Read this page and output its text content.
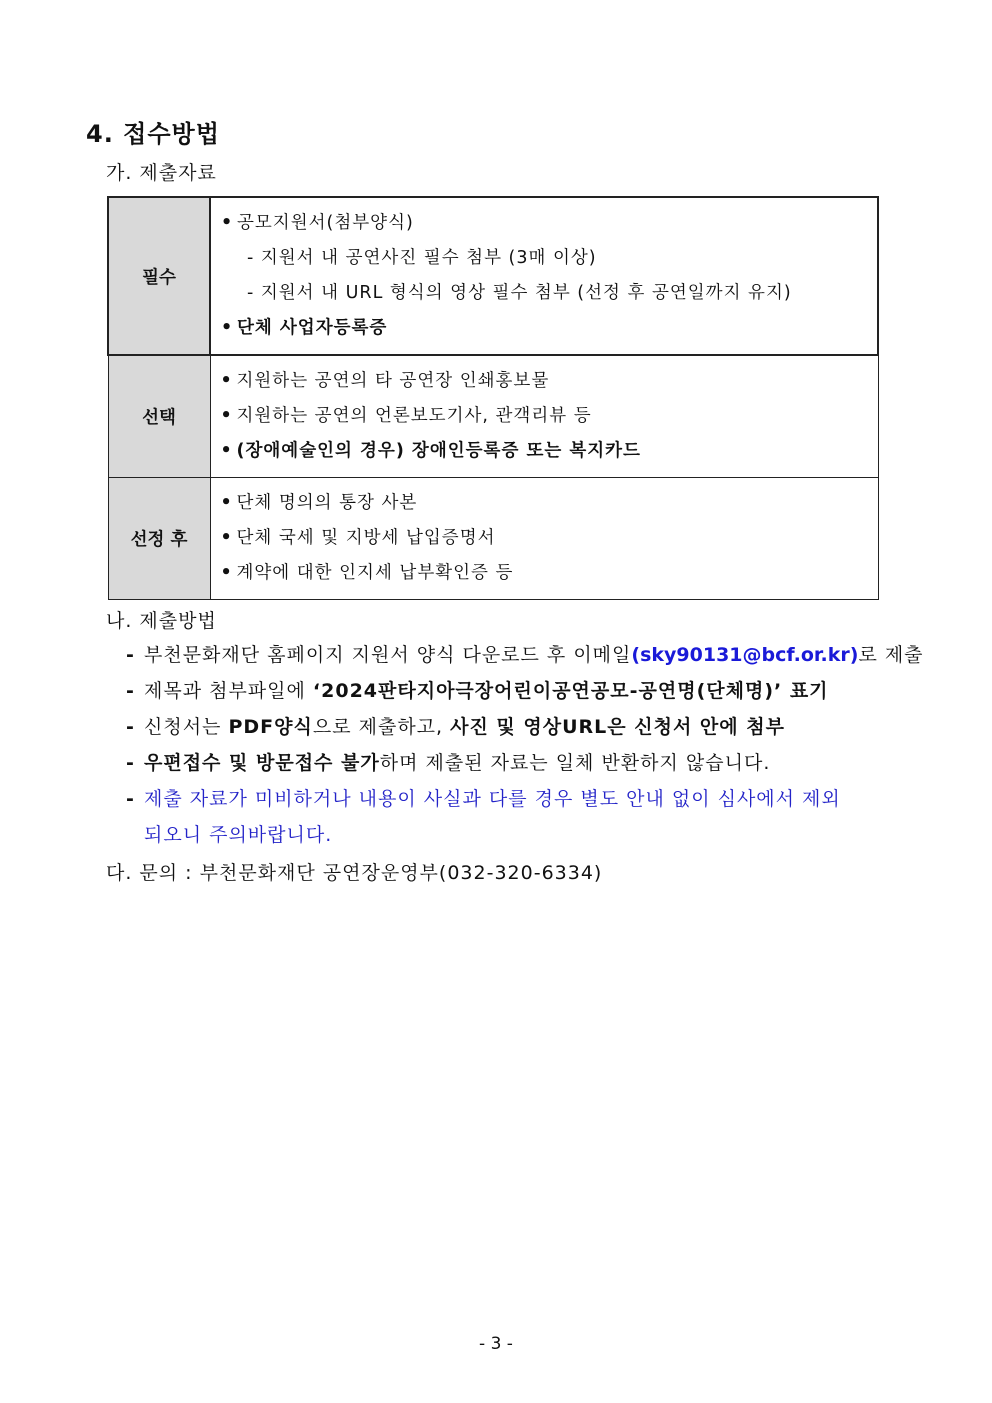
4. 접수방법
가. 제출자료
필수	• 공모지원서(첨부양식)
- 지원서 내 공연사진 필수 첨부 (3매 이상)
- 지원서 내 URL 형식의 영상 필수 첨부 (선정 후 공연일까지 유지)
• 단체 사업자등록증

선택	• 지원하는 공연의 타 공연장 인쇄홍보물
• 지원하는 공연의 언론보도기사, 관객리뷰 등
• (장애예술인의 경우) 장애인등록증 또는 복지카드

선정 후	• 단체 명의의 통장 사본
• 단체 국세 및 지방세 납입증명서
• 계약에 대한 인지세 납부확인증 등
나. 제출방법
- 부천문화재단 홈페이지 지원서 양식 다운로드 후 이메일(sky90131@bcf.or.kr)로 제출
- 제목과 첨부파일에 ‘2024판타지아극장어린이공연공모-공연명(단체명)’ 표기
- 신청서는 PDF양식으로 제출하고, 사진 및 영상URL은 신청서 안에 첨부
- 우편접수 및 방문접수 불가하며 제출된 자료는 일체 반환하지 않습니다.
- 제출 자료가 미비하거나 내용이 사실과 다를 경우 별도 안내 없이 심사에서 제외
되오니 주의바랍니다.
다. 문의 : 부천문화재단 공연장운영부(032-320-6334)
- 3 -
